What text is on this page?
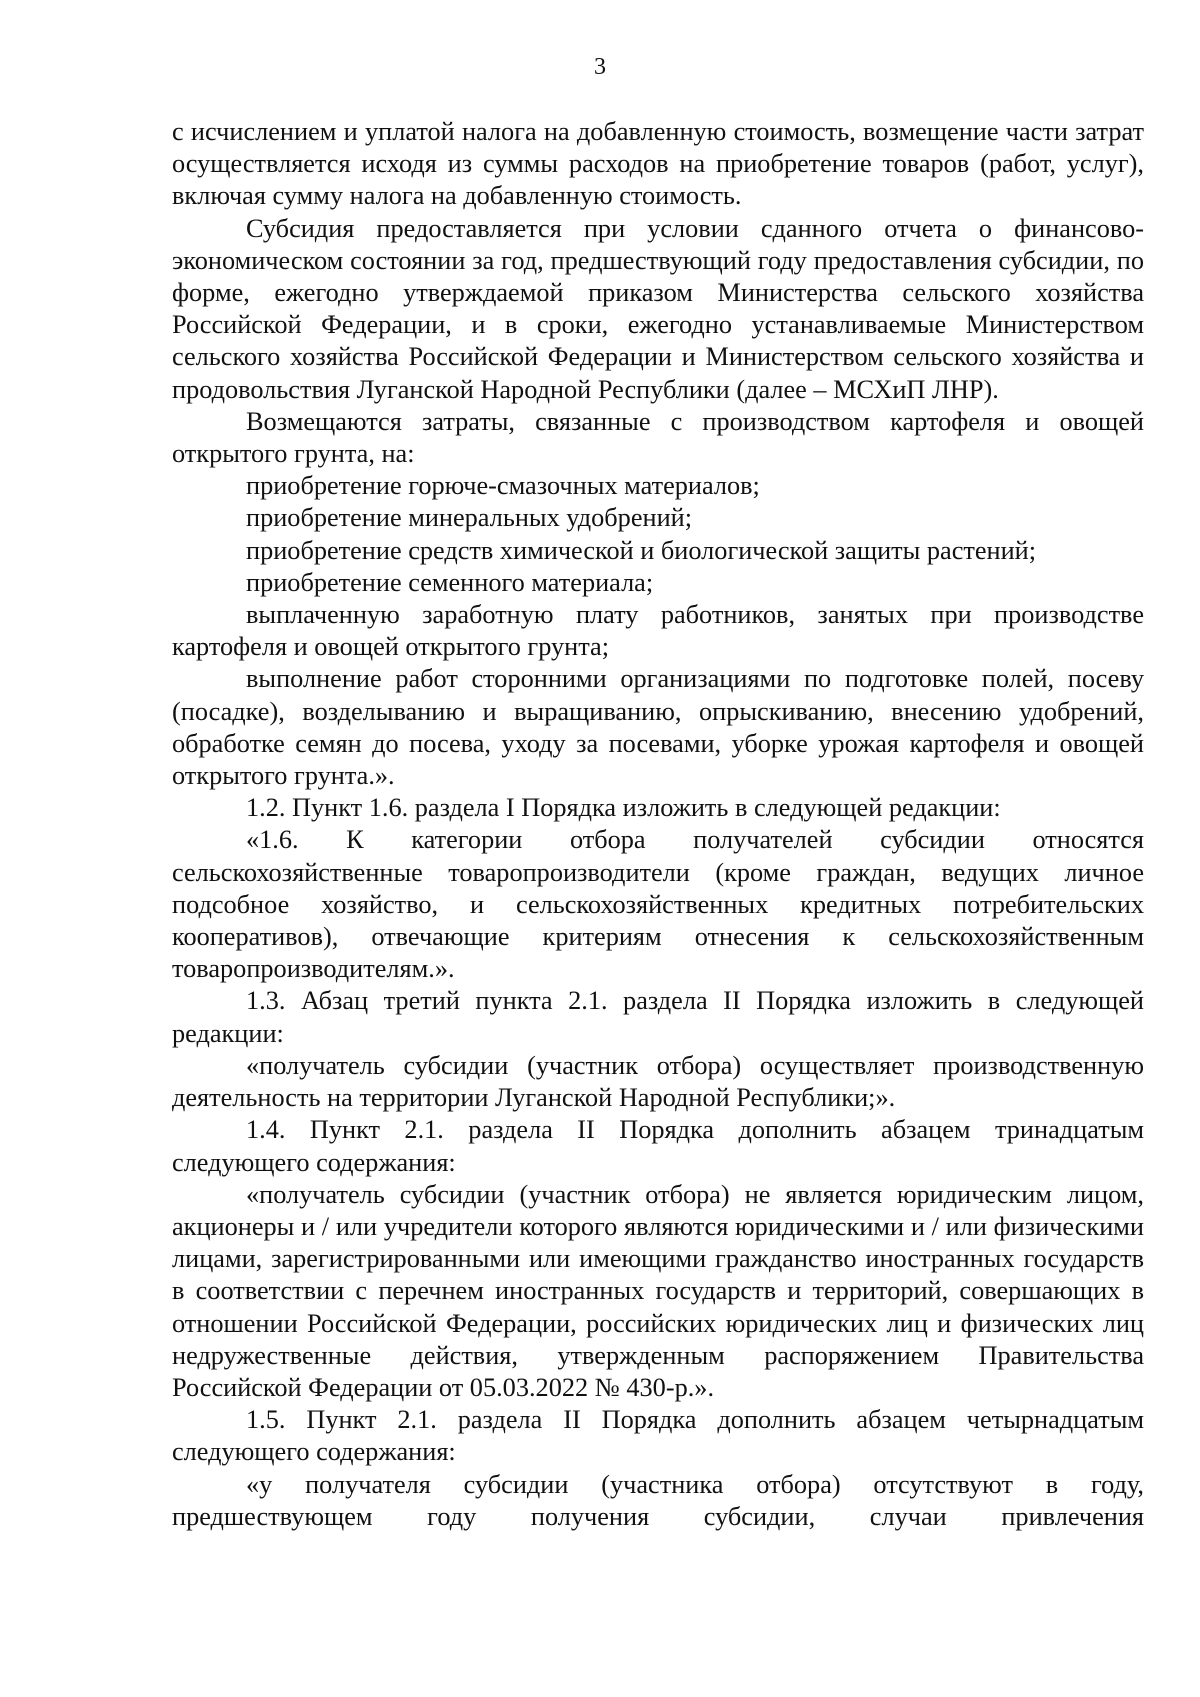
3

с исчислением и уплатой налога на добавленную стоимость, возмещение части затрат осуществляется исходя из суммы расходов на приобретение товаров (работ, услуг), включая сумму налога на добавленную стоимость.

Субсидия предоставляется при условии сданного отчета о финансово-экономическом состоянии за год, предшествующий году предоставления субсидии, по форме, ежегодно утверждаемой приказом Министерства сельского хозяйства Российской Федерации, и в сроки, ежегодно устанавливаемые Министерством сельского хозяйства Российской Федерации и Министерством сельского хозяйства и продовольствия Луганской Народной Республики (далее – МСХиП ЛНР).

Возмещаются затраты, связанные с производством картофеля и овощей открытого грунта, на:

приобретение горюче-смазочных материалов;

приобретение минеральных удобрений;

приобретение средств химической и биологической защиты растений;

приобретение семенного материала;

выплаченную заработную плату работников, занятых при производстве картофеля и овощей открытого грунта;

выполнение работ сторонними организациями по подготовке полей, посеву (посадке), возделыванию и выращиванию, опрыскиванию, внесению удобрений, обработке семян до посева, уходу за посевами, уборке урожая картофеля и овощей открытого грунта.».

1.2. Пункт 1.6. раздела I Порядка изложить в следующей редакции:

«1.6. К категории отбора получателей субсидии относятся сельскохозяйственные товаропроизводители (кроме граждан, ведущих личное подсобное хозяйство, и сельскохозяйственных кредитных потребительских кооперативов), отвечающие критериям отнесения к сельскохозяйственным товаропроизводителям.».

1.3. Абзац третий пункта 2.1. раздела II Порядка изложить в следующей редакции:

«получатель субсидии (участник отбора) осуществляет производственную деятельность на территории Луганской Народной Республики;».

1.4. Пункт 2.1. раздела II Порядка дополнить абзацем тринадцатым следующего содержания:

«получатель субсидии (участник отбора) не является юридическим лицом, акционеры и / или учредители которого являются юридическими и / или физическими лицами, зарегистрированными или имеющими гражданство иностранных государств в соответствии с перечнем иностранных государств и территорий, совершающих в отношении Российской Федерации, российских юридических лиц и физических лиц недружественные действия, утвержденным распоряжением Правительства Российской Федерации от 05.03.2022 № 430-р.».

1.5. Пункт 2.1. раздела II Порядка дополнить абзацем четырнадцатым следующего содержания:

«у получателя субсидии (участника отбора) отсутствуют в году, предшествующем году получения субсидии, случаи привлечения
